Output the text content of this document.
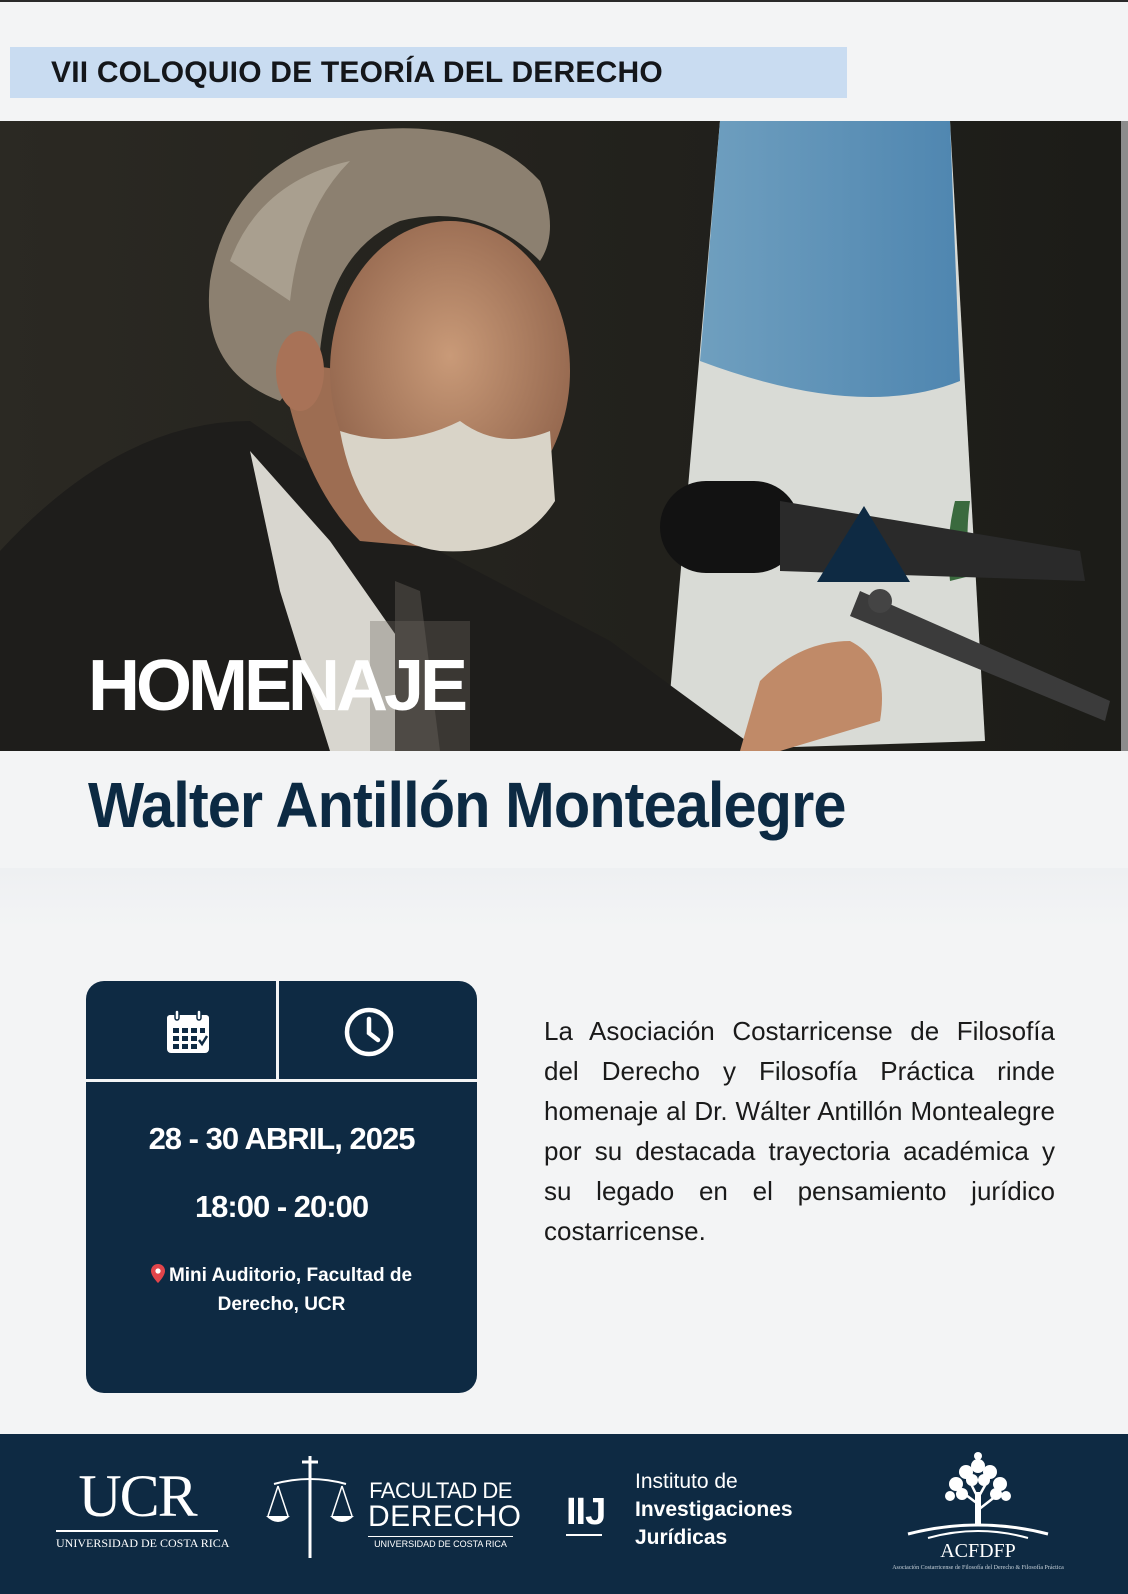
VII COLOQUIO DE TEORÍA DEL DERECHO
HOMENAJE
Walter Antillón Montealegre
28 - 30 ABRIL, 2025
18:00 - 20:00
Mini Auditorio, Facultad de Derecho, UCR
La Asociación Costarricense de Filosofía del Derecho y Filosofía Práctica rinde homenaje al Dr. Wálter Antillón Montealegre por su destacada trayectoria académica y su legado en el pensamiento jurídico costarricense.
UCR
UNIVERSIDAD DE COSTA RICA
FACULTAD DE
DERECHO
UNIVERSIDAD DE COSTA RICA
IIJ
Instituto de
Investigaciones
Jurídicas
ACFDFP
Asociación Costarricense de Filosofía del Derecho & Filosofía Práctica
